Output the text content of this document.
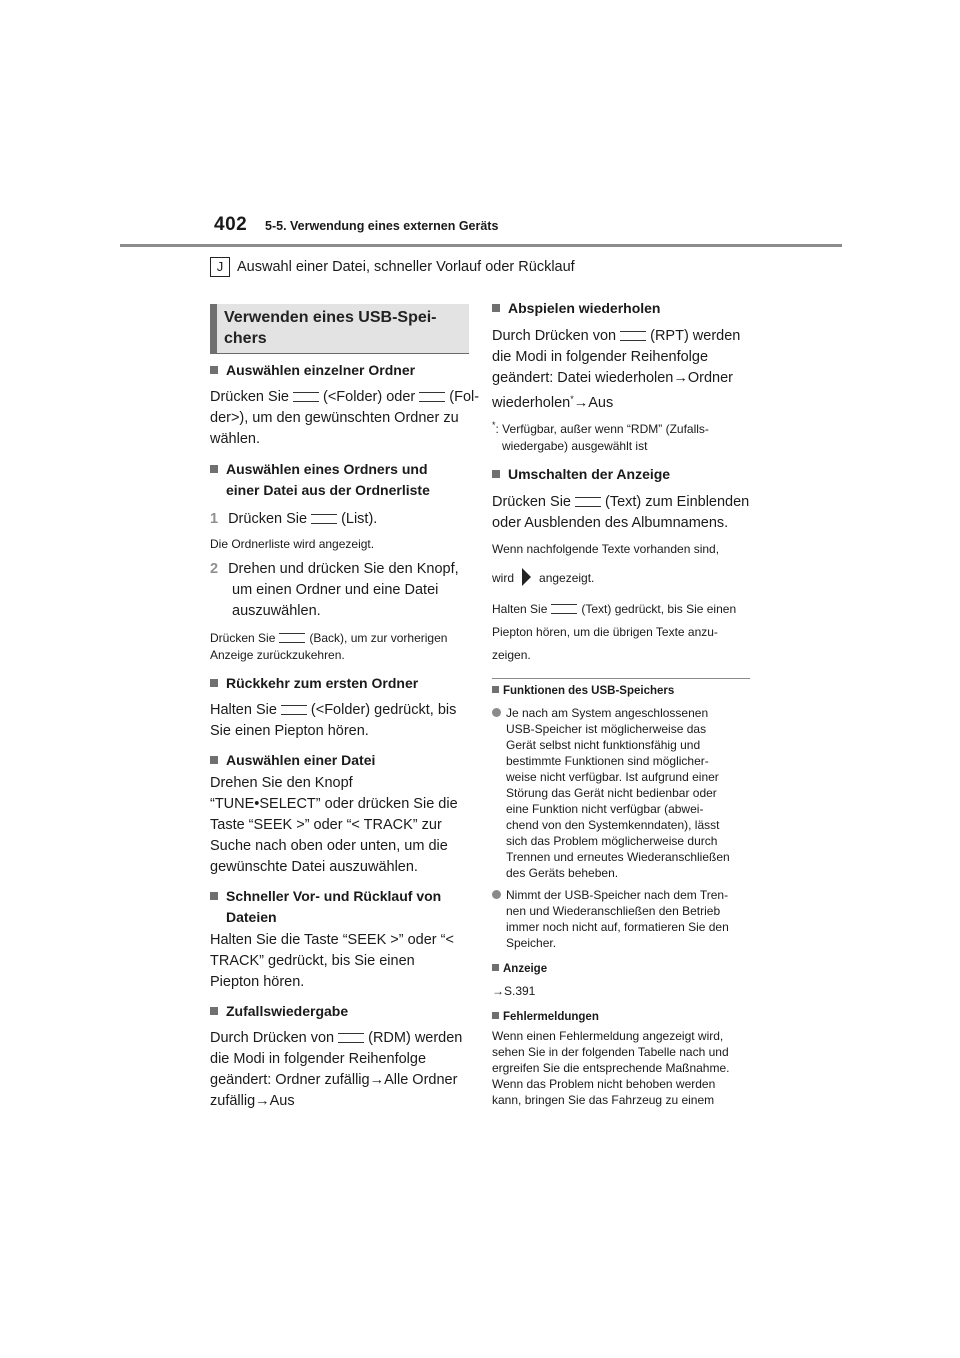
402 5-5. Verwendung eines externen Geräts
J Auswahl einer Datei, schneller Vorlauf oder Rücklauf
Verwenden eines USB-Spei-chers

Auswählen einzelner Ordner

Drücken Sie (<Folder) oder (Fol-

der>), um den gewünschten Ordner zu

wählen.

Auswählen eines Ordners und

einer Datei aus der Ordnerliste

1 Drücken Sie (List).

Die Ordnerliste wird angezeigt.

2 Drehen und drücken Sie den Knopf,

um einen Ordner und eine Datei

auszuwählen.

Drücken Sie	(Back), um zur vorherigen

Anzeige zurückzukehren.

Rückkehr zum ersten Ordner

Halten Sie (<Folder) gedrückt, bis

Sie einen Piepton hören.

Auswählen einer Datei

Drehen Sie den Knopf

“TUNE•SELECT” oder drücken Sie die

Taste “SEEK >” oder “< TRACK” zur

Suche nach oben oder unten, um die

gewünschte Datei auszuwählen.

Schneller Vor- und Rücklauf von

Dateien

Halten Sie die Taste “SEEK >” oder “<

TRACK” gedrückt, bis Sie einen

Piepton hören.

Zufallswiedergabe

Durch Drücken von (RDM) werden

die Modi in folgender Reihenfolge

geändert: Ordner zufällig→Alle Ordner

zufällig→Aus

Abspielen wiederholen

Durch Drücken von (RPT) werden

die Modi in folgender Reihenfolge

geändert: Datei wiederholen→Ordner

wiederholen*→Aus

*: Verfügbar, außer wenn “RDM” (Zufalls-

wiedergabe) ausgewählt ist

Umschalten der Anzeige

Drücken Sie (Text) zum Einblenden

oder Ausblenden des Albumnamens.

Wenn nachfolgende Texte vorhanden sind,

wird angezeigt.

Halten Sie	(Text) gedrückt, bis Sie einen

Piepton hören, um die übrigen Texte anzu-

zeigen.

Funktionen des USB-Speichers

Je nach am System angeschlossenen
USB-Speicher ist möglicherweise das
Gerät selbst nicht funktionsfähig und
bestimmte Funktionen sind möglicher-
weise nicht verfügbar. Ist aufgrund einer
Störung das Gerät nicht bedienbar oder
eine Funktion nicht verfügbar (abwei-
chend von den Systemkenndaten), lässt
sich das Problem möglicherweise durch
Trennen und erneutes Wiederanschließen
des Geräts beheben.
Nimmt der USB-Speicher nach dem Tren-
nen und Wiederanschließen den Betrieb
immer noch nicht auf, formatieren Sie den
Speicher.

Anzeige

→S.391

Fehlermeldungen

Wenn einen Fehlermeldung angezeigt wird,
sehen Sie in der folgenden Tabelle nach und
ergreifen Sie die entsprechende Maßnahme.
Wenn das Problem nicht behoben werden
kann, bringen Sie das Fahrzeug zu einem
